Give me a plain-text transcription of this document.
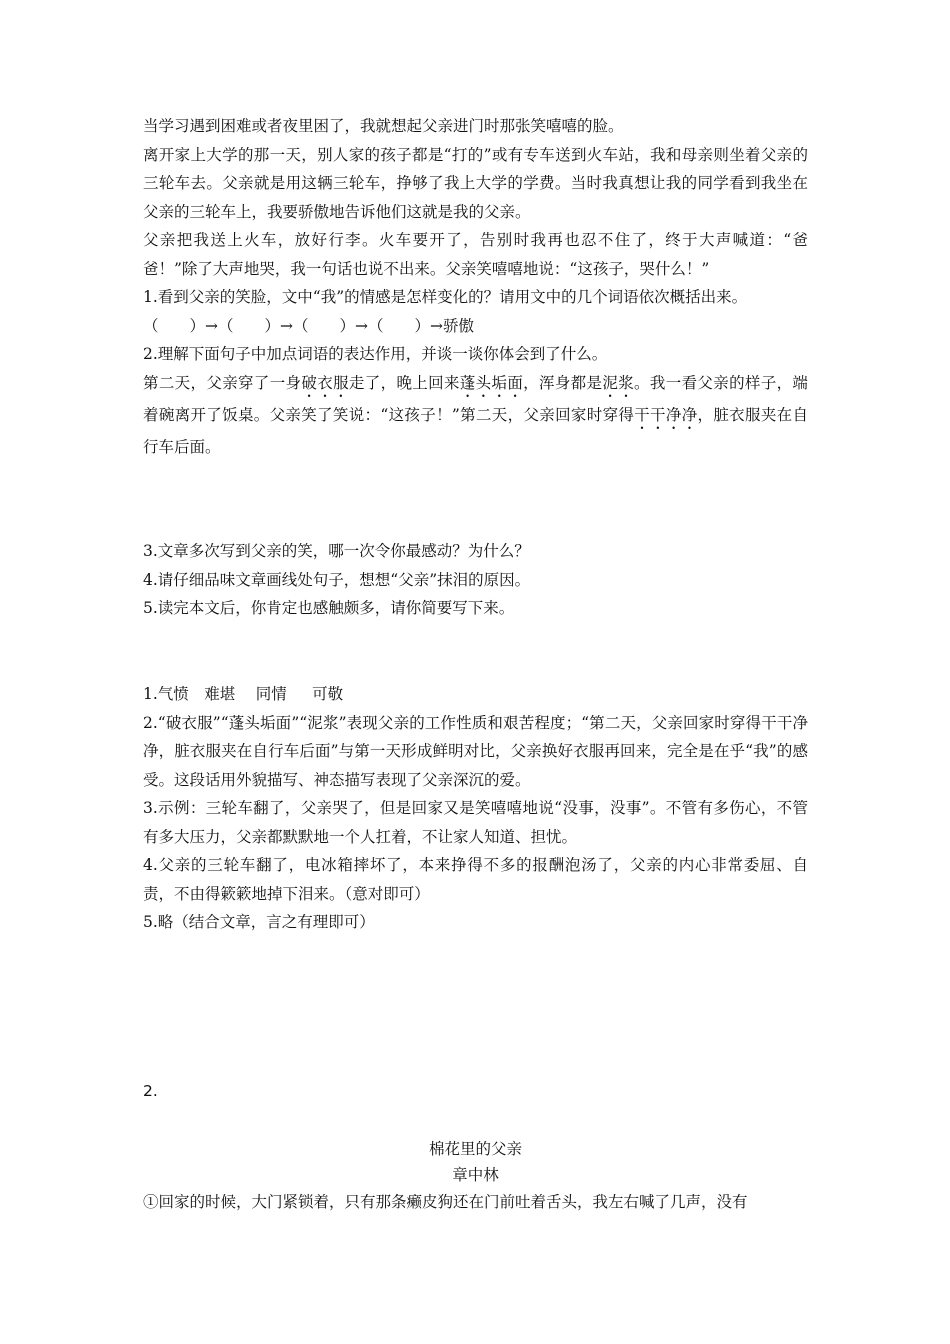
当学习遇到困难或者夜里困了，我就想起父亲进门时那张笑嘻嘻的脸。

离开家上大学的那一天，别人家的孩子都是“打的”或有专车送到火车站，我和母亲则坐着父亲的三轮车去。父亲就是用这辆三轮车，挣够了我上大学的学费。当时我真想让我的同学看到我坐在父亲的三轮车上，我要骄傲地告诉他们这就是我的父亲。

父亲把我送上火车，放好行李。火车要开了，告别时我再也忍不住了，终于大声喊道：“爸爸！”除了大声地哭，我一句话也说不出来。父亲笑嘻嘻地说：“这孩子，哭什么！”

1.看到父亲的笑脸，文中“我”的情感是怎样变化的？请用文中的几个词语依次概括出来。

（　　）→（　　）→（　　）→（　　）→骄傲

2.理解下面句子中加点词语的表达作用，并谈一谈你体会到了什么。

第二天，父亲穿了一身破衣服走了，晚上回来蓬头垢面，浑身都是泥浆。我一看父亲的样子，端着碗离开了饭桌。父亲笑了笑说：“这孩子！”第二天，父亲回家时穿得干干净净，脏衣服夹在自行车后面。

3.文章多次写到父亲的笑，哪一次令你最感动？为什么？

4.请仔细品味文章画线处句子，想想“父亲”抹泪的原因。

5.读完本文后，你肯定也感触颇多，请你简要写下来。

1.气愤　难堪　 同情　  可敬

2.“破衣服”“蓬头垢面”“泥浆”表现父亲的工作性质和艰苦程度；“第二天，父亲回家时穿得干干净净，脏衣服夹在自行车后面”与第一天形成鲜明对比，父亲换好衣服再回来，完全是在乎“我”的感受。这段话用外貌描写、神态描写表现了父亲深沉的爱。

3.示例：三轮车翻了，父亲哭了，但是回家又是笑嘻嘻地说“没事，没事”。不管有多伤心，不管有多大压力，父亲都默默地一个人扛着，不让家人知道、担忧。

4.父亲的三轮车翻了，电冰箱摔坏了，本来挣得不多的报酬泡汤了，父亲的内心非常委屈、自责，不由得簌簌地掉下泪来。（意对即可）

5.略（结合文章，言之有理即可）

2.

棉花里的父亲

章中林

①回家的时候，大门紧锁着，只有那条癞皮狗还在门前吐着舌头，我左右喊了几声，没有
